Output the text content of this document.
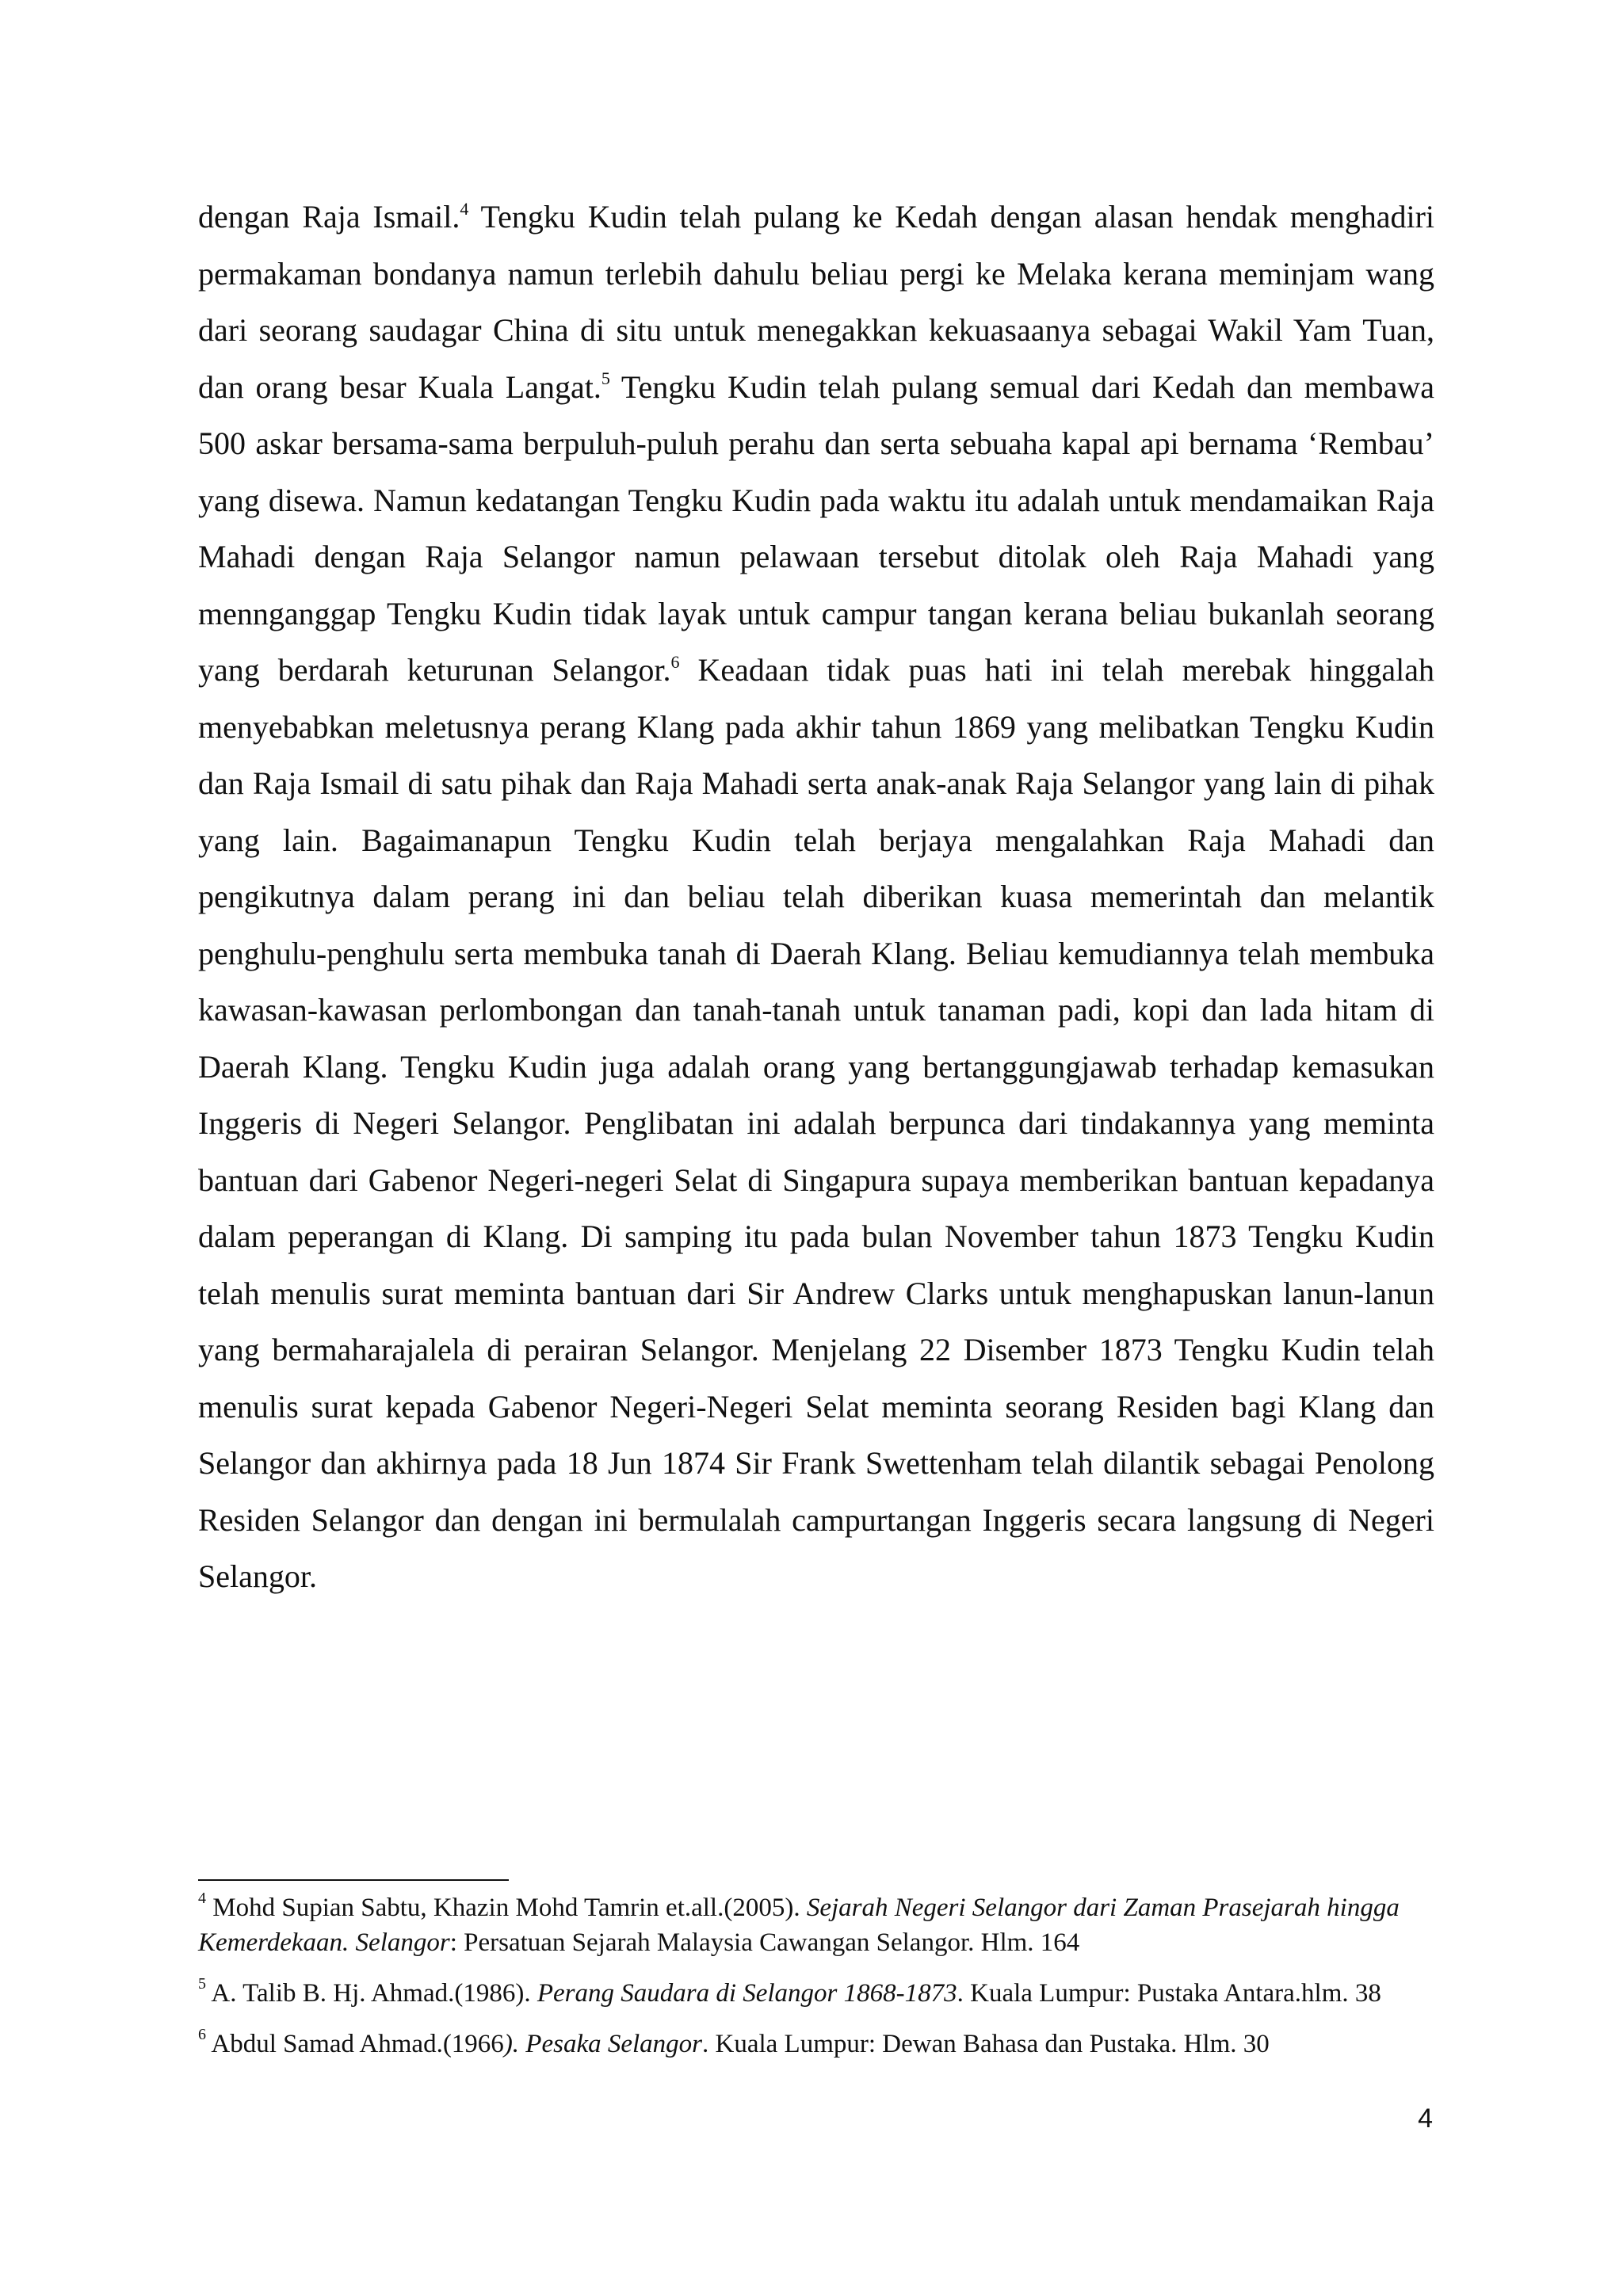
dengan Raja Ismail.$^4$ Tengku Kudin telah pulang ke Kedah dengan alasan hendak menghadiri permakaman bondanya namun terlebih dahulu beliau pergi ke Melaka kerana meminjam wang dari seorang saudagar China di situ untuk menegakkan kekuasaanya sebagai Wakil Yam Tuan, dan orang besar Kuala Langat.$^5$ Tengku Kudin telah pulang semual dari Kedah dan membawa 500 askar bersama-sama berpuluh-puluh perahu dan serta sebuaha kapal api bernama ‘Rembau’ yang disewa. Namun kedatangan Tengku Kudin pada waktu itu adalah untuk mendamaikan Raja Mahadi dengan Raja Selangor namun pelawaan tersebut ditolak oleh Raja Mahadi yang mennganggap Tengku Kudin tidak layak untuk campur tangan kerana beliau bukanlah seorang yang berdarah keturunan Selangor.$^6$ Keadaan tidak puas hati ini telah merebak hinggalah menyebabkan meletusnya perang Klang pada akhir tahun 1869 yang melibatkan Tengku Kudin dan Raja Ismail di satu pihak dan Raja Mahadi serta anak-anak Raja Selangor yang lain di pihak yang lain. Bagaimanapun Tengku Kudin telah berjaya mengalahkan Raja Mahadi dan pengikutnya dalam perang ini dan beliau telah diberikan kuasa memerintah dan melantik penghulu-penghulu serta membuka tanah di Daerah Klang. Beliau kemudiannya telah membuka kawasan-kawasan perlombongan dan tanah-tanah untuk tanaman padi, kopi dan lada hitam di Daerah Klang. Tengku Kudin juga adalah orang yang bertanggungjawab terhadap kemasukan Inggeris di Negeri Selangor. Penglibatan ini adalah berpunca dari tindakannya yang meminta bantuan dari Gabenor Negeri-negeri Selat di Singapura supaya memberikan bantuan kepadanya dalam peperangan di Klang. Di samping itu pada bulan November tahun 1873 Tengku Kudin telah menulis surat meminta bantuan dari Sir Andrew Clarks untuk menghapuskan lanun-lanun yang bermaharajalela di perairan Selangor. Menjelang 22 Disember 1873 Tengku Kudin telah menulis surat kepada Gabenor Negeri-Negeri Selat meminta seorang Residen bagi Klang dan Selangor dan akhirnya pada 18 Jun 1874 Sir Frank Swettenham telah dilantik sebagai Penolong Residen Selangor dan dengan ini bermulalah campurtangan Inggeris secara langsung di Negeri Selangor.

$^4$ Mohd Supian Sabtu, Khazin Mohd Tamrin et.all.(2005). Sejarah Negeri Selangor dari Zaman Prasejarah hingga Kemerdekaan. Selangor: Persatuan Sejarah Malaysia Cawangan Selangor. Hlm. 164

$^5$ A. Talib B. Hj. Ahmad.(1986). Perang Saudara di Selangor 1868-1873. Kuala Lumpur: Pustaka Antara.hlm. 38

$^6$ Abdul Samad Ahmad.(1966). Pesaka Selangor. Kuala Lumpur: Dewan Bahasa dan Pustaka. Hlm. 30

4
